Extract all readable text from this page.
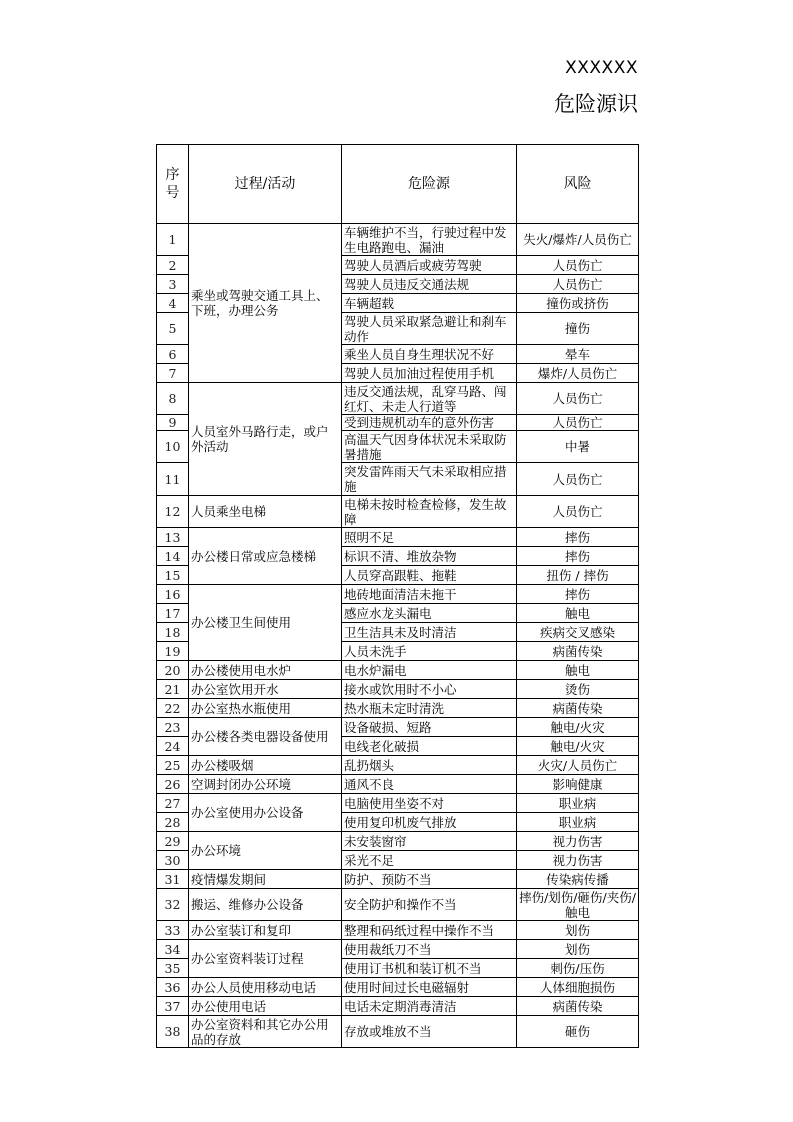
XXXXXX
危险源识
序号	过程/活动	危险源	风险
1	乘坐或驾驶交通工具上、下班，办理公务	车辆维护不当，行驶过程中发生电路跑电、漏油	失火/爆炸/人员伤亡
2		驾驶人员酒后或疲劳驾驶	人员伤亡
3		驾驶人员违反交通法规	人员伤亡
4		车辆超载	撞伤或挤伤
5		驾驶人员采取紧急避让和刹车动作	撞伤
6		乘坐人员自身生理状况不好	晕车
7		驾驶人员加油过程使用手机	爆炸/人员伤亡
8	人员室外马路行走，或户外活动	违反交通法规，乱穿马路、闯红灯、未走人行道等	人员伤亡
9		受到违规机动车的意外伤害	人员伤亡
10		高温天气因身体状况未采取防暑措施	中暑
11		突发雷阵雨天气未采取相应措施	人员伤亡
12	人员乘坐电梯	电梯未按时检查检修，发生故障	人员伤亡
13	办公楼日常或应急楼梯	照明不足	摔伤
14		标识不清、堆放杂物	摔伤
15		人员穿高跟鞋、拖鞋	扭伤 / 摔伤
16	办公楼卫生间使用	地砖地面清洁未拖干	摔伤
17		感应水龙头漏电	触电
18		卫生洁具未及时清洁	疾病交叉感染
19		人员未洗手	病菌传染
20	办公楼使用电水炉	电水炉漏电	触电
21	办公室饮用开水	接水或饮用时不小心	烫伤
22	办公室热水瓶使用	热水瓶未定时清洗	病菌传染
23	办公楼各类电器设备使用	设备破损、短路	触电/火灾
24		电线老化破损	触电/火灾
25	办公楼吸烟	乱扔烟头	火灾/人员伤亡
26	空调封闭办公环境	通风不良	影响健康
27	办公室使用办公设备	电脑使用坐姿不对	职业病
28		使用复印机废气排放	职业病
29	办公环境	未安装窗帘	视力伤害
30		采光不足	视力伤害
31	疫情爆发期间	防护、预防不当	传染病传播
32	搬运、维修办公设备	安全防护和操作不当	摔伤/划伤/砸伤/夹伤/触电
33	办公室装订和复印	整理和码纸过程中操作不当	划伤
34	办公室资料装订过程	使用裁纸刀不当	划伤
35		使用订书机和装订机不当	刺伤/压伤
36	办公人员使用移动电话	使用时间过长电磁辐射	人体细胞损伤
37	办公使用电话	电话未定期消毒清洁	病菌传染
38	办公室资料和其它办公用品的存放	存放或堆放不当	砸伤
